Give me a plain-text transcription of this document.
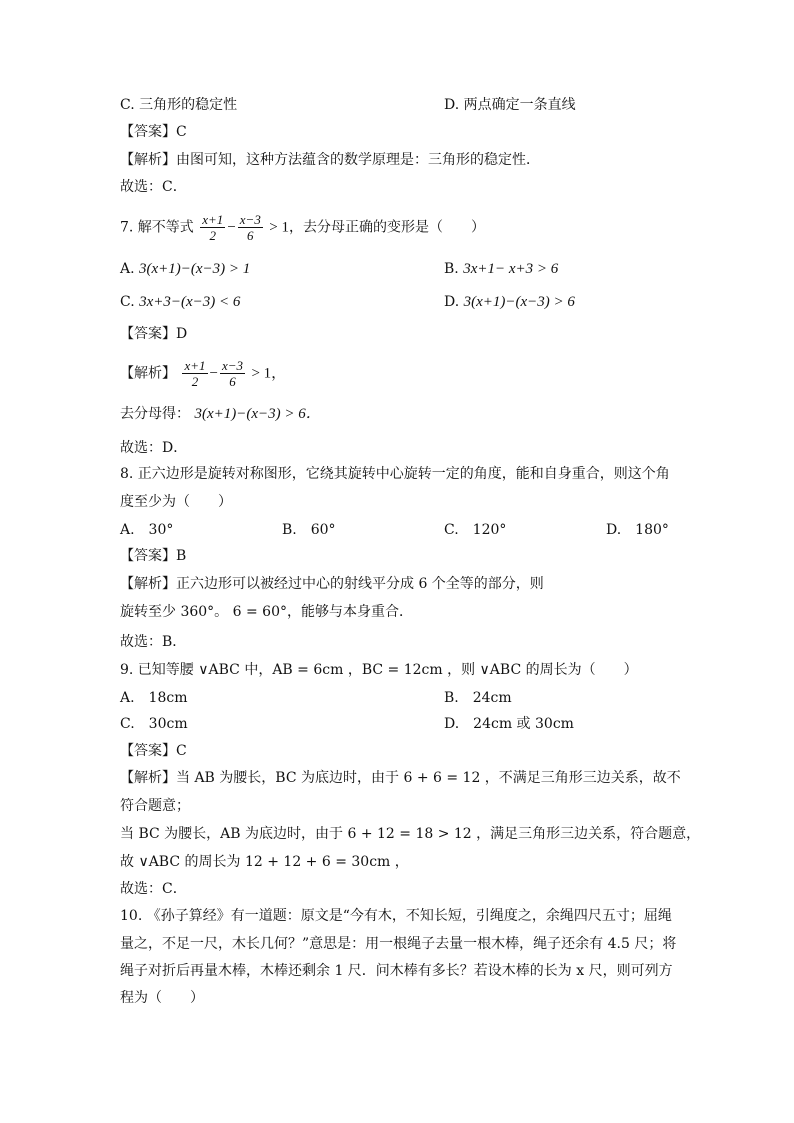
C. 三角形的稳定性	D. 两点确定一条直线
【答案】C
【解析】由图可知，这种方法蕴含的数学原理是：三角形的稳定性．
故选：C．
7. 解不等式 $\frac{x+1}{2} - \frac{x-3}{6} > 1$，去分母正确的变形是（　　）
A. 3(x+1)−(x−3) > 1	B. 3x+1− x+3 > 6
C. 3x+3−(x−3) < 6	D. 3(x+1)−(x−3) > 6
【答案】D
【解析】 $\frac{x+1}{2} - \frac{x-3}{6} > 1$，
去分母得： 3(x+1)−(x−3) > 6．
故选：D．
8. 正六边形是旋转对称图形，它绕其旋转中心旋转一定的角度，能和自身重合，则这个角
度至少为（　　）
A.　30°	B.　60°	C.　120°	D.　180°
【答案】B
【解析】正六边形可以被经过中心的射线平分成 6 个全等的部分，则
旋转至少 360°。 6 = 60°，能够与本身重合．
故选：B．
9. 已知等腰 ∨ABC 中，AB = 6cm ，BC = 12cm ，则 ∨ABC 的周长为（　　）
A.　18cm	B.　24cm
C.　30cm	D.　24cm 或 30cm
【答案】C
【解析】当 AB 为腰长，BC 为底边时，由于 6 + 6 = 12 ，不满足三角形三边关系，故不
符合题意；
当 BC 为腰长，AB 为底边时，由于 6 + 12 = 18 > 12 ，满足三角形三边关系，符合题意，
故 ∨ABC 的周长为 12 + 12 + 6 = 30cm ，
故选：C．
10. 《孙子算经》有一道题：原文是“今有木，不知长短，引绳度之，余绳四尺五寸；屈绳
量之，不足一尺，木长几何？”意思是：用一根绳子去量一根木棒，绳子还余有 4.5 尺；将
绳子对折后再量木棒，木棒还剩余 1 尺．问木棒有多长？若设木棒的长为 x 尺，则可列方
程为（　　）
